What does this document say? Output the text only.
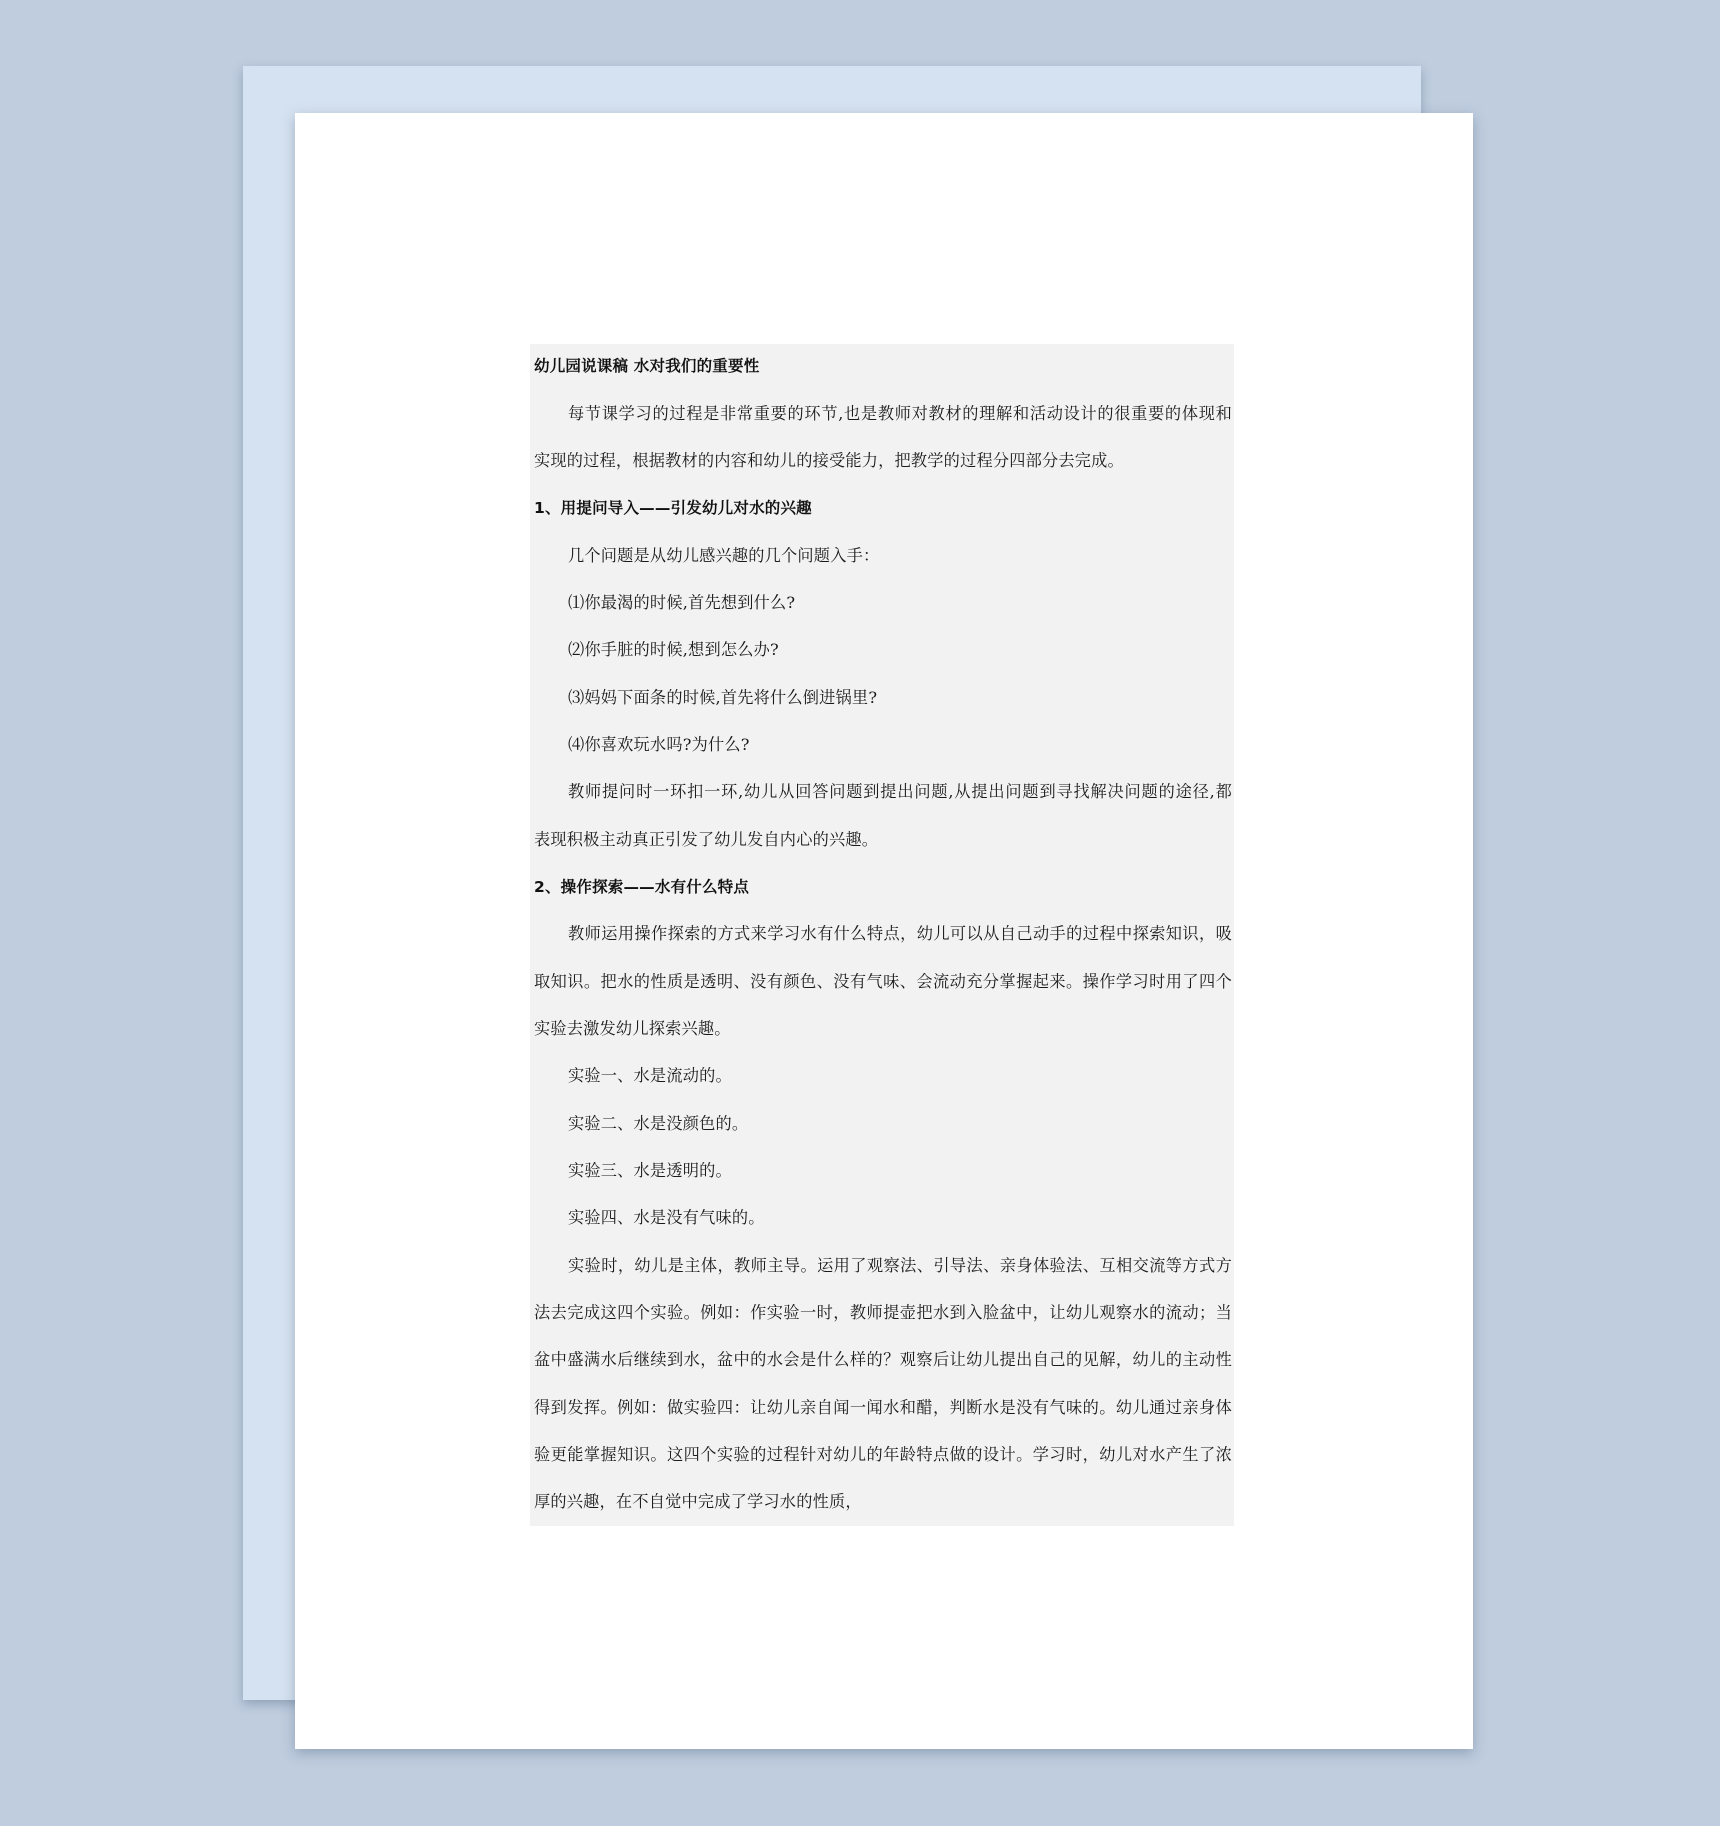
幼儿园说课稿 水对我们的重要性
每节课学习的过程是非常重要的环节,也是教师对教材的理解和活动设计的很重要的体现和
实现的过程，根据教材的内容和幼儿的接受能力，把教学的过程分四部分去完成。
1、用提问导入——引发幼儿对水的兴趣
几个问题是从幼儿感兴趣的几个问题入手：
⑴你最渴的时候,首先想到什么?
⑵你手脏的时候,想到怎么办?
⑶妈妈下面条的时候,首先将什么倒进锅里?
⑷你喜欢玩水吗?为什么?
教师提问时一环扣一环,幼儿从回答问题到提出问题,从提出问题到寻找解决问题的途径,都
表现积极主动真正引发了幼儿发自内心的兴趣。
2、操作探索——水有什么特点
教师运用操作探索的方式来学习水有什么特点，幼儿可以从自己动手的过程中探索知识，吸
取知识。把水的性质是透明、没有颜色、没有气味、会流动充分掌握起来。操作学习时用了四个
实验去激发幼儿探索兴趣。
实验一、水是流动的。
实验二、水是没颜色的。
实验三、水是透明的。
实验四、水是没有气味的。
实验时，幼儿是主体，教师主导。运用了观察法、引导法、亲身体验法、互相交流等方式方
法去完成这四个实验。例如：作实验一时，教师提壶把水到入脸盆中，让幼儿观察水的流动；当
盆中盛满水后继续到水，盆中的水会是什么样的？观察后让幼儿提出自己的见解，幼儿的主动性
得到发挥。例如：做实验四：让幼儿亲自闻一闻水和醋，判断水是没有气味的。幼儿通过亲身体
验更能掌握知识。这四个实验的过程针对幼儿的年龄特点做的设计。学习时，幼儿对水产生了浓
厚的兴趣，在不自觉中完成了学习水的性质，
